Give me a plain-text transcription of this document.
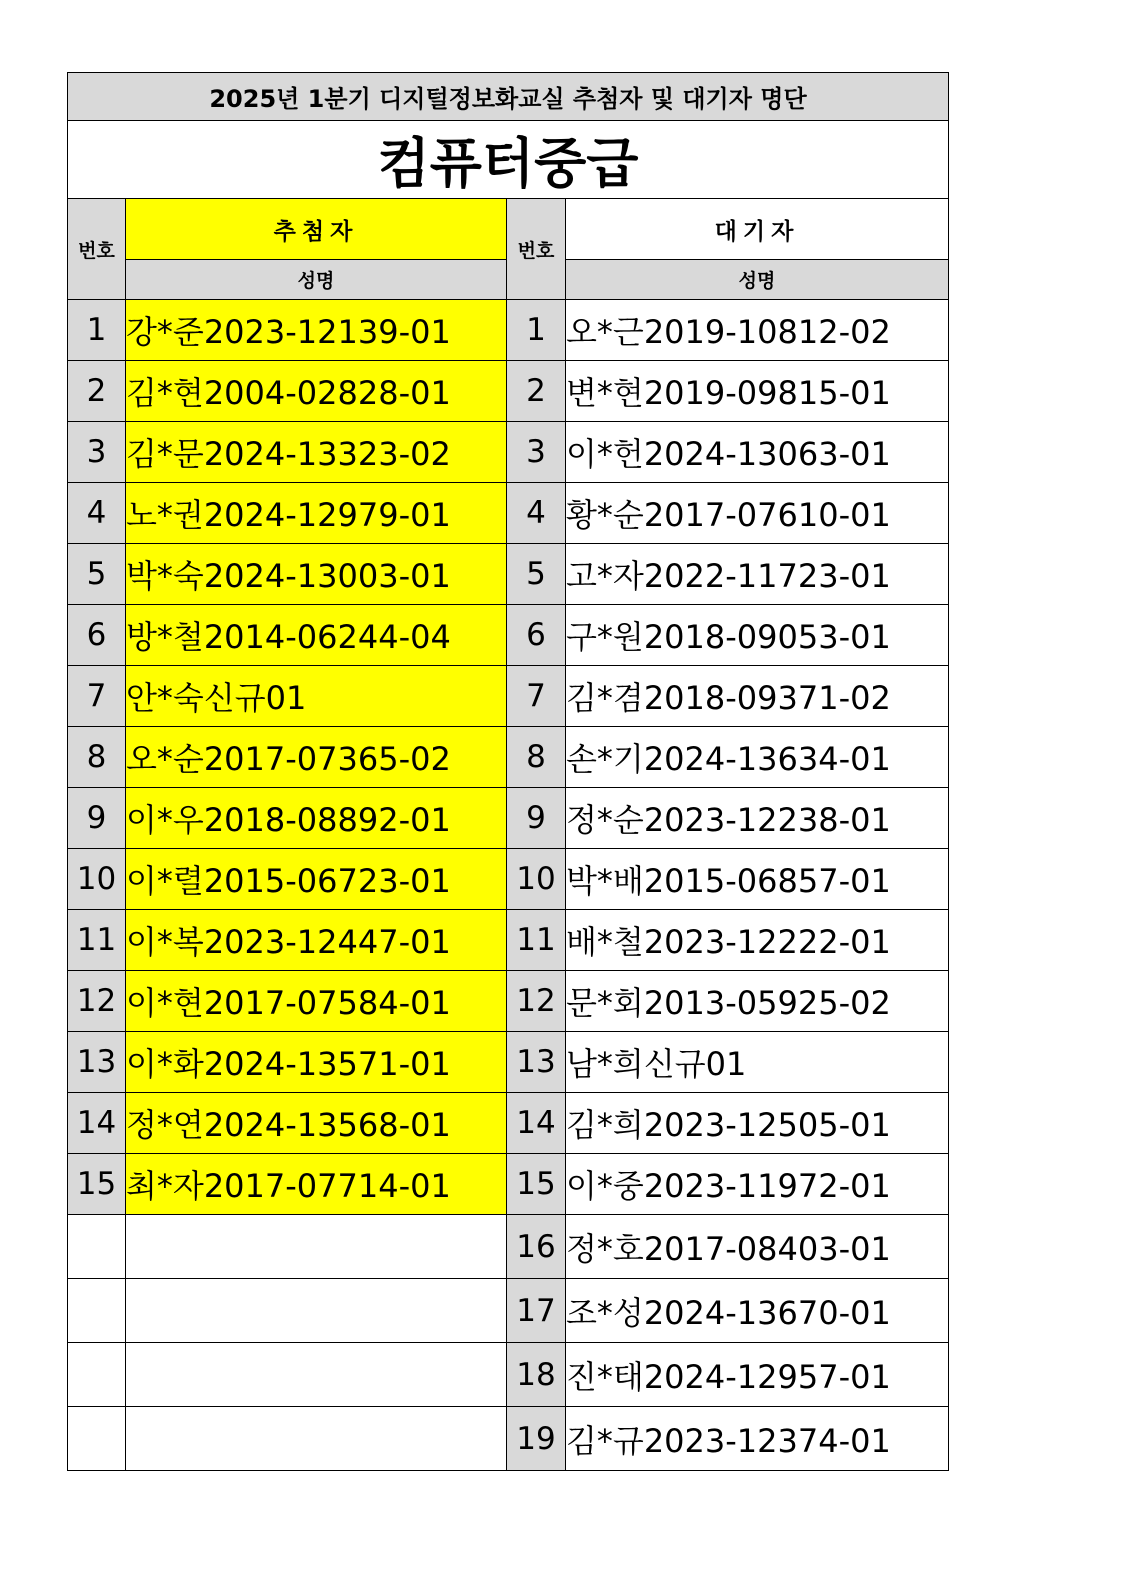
2025년 1분기 디지털정보화교실 추첨자 및 대기자 명단			
컴퓨터중급			
번호	추첨자	번호	대기자
	성명		성명
1	강*준2023-12139-01	1	오*근2019-10812-02
2	김*현2004-02828-01	2	변*현2019-09815-01
3	김*문2024-13323-02	3	이*헌2024-13063-01
4	노*권2024-12979-01	4	황*순2017-07610-01
5	박*숙2024-13003-01	5	고*자2022-11723-01
6	방*철2014-06244-04	6	구*원2018-09053-01
7	안*숙신규01	7	김*겸2018-09371-02
8	오*순2017-07365-02	8	손*기2024-13634-01
9	이*우2018-08892-01	9	정*순2023-12238-01
10	이*렬2015-06723-01	10	박*배2015-06857-01
11	이*복2023-12447-01	11	배*철2023-12222-01
12	이*현2017-07584-01	12	문*회2013-05925-02
13	이*화2024-13571-01	13	남*희신규01
14	정*연2024-13568-01	14	김*희2023-12505-01
15	최*자2017-07714-01	15	이*중2023-11972-01
		16	정*호2017-08403-01
		17	조*성2024-13670-01
		18	진*태2024-12957-01
		19	김*규2023-12374-01
